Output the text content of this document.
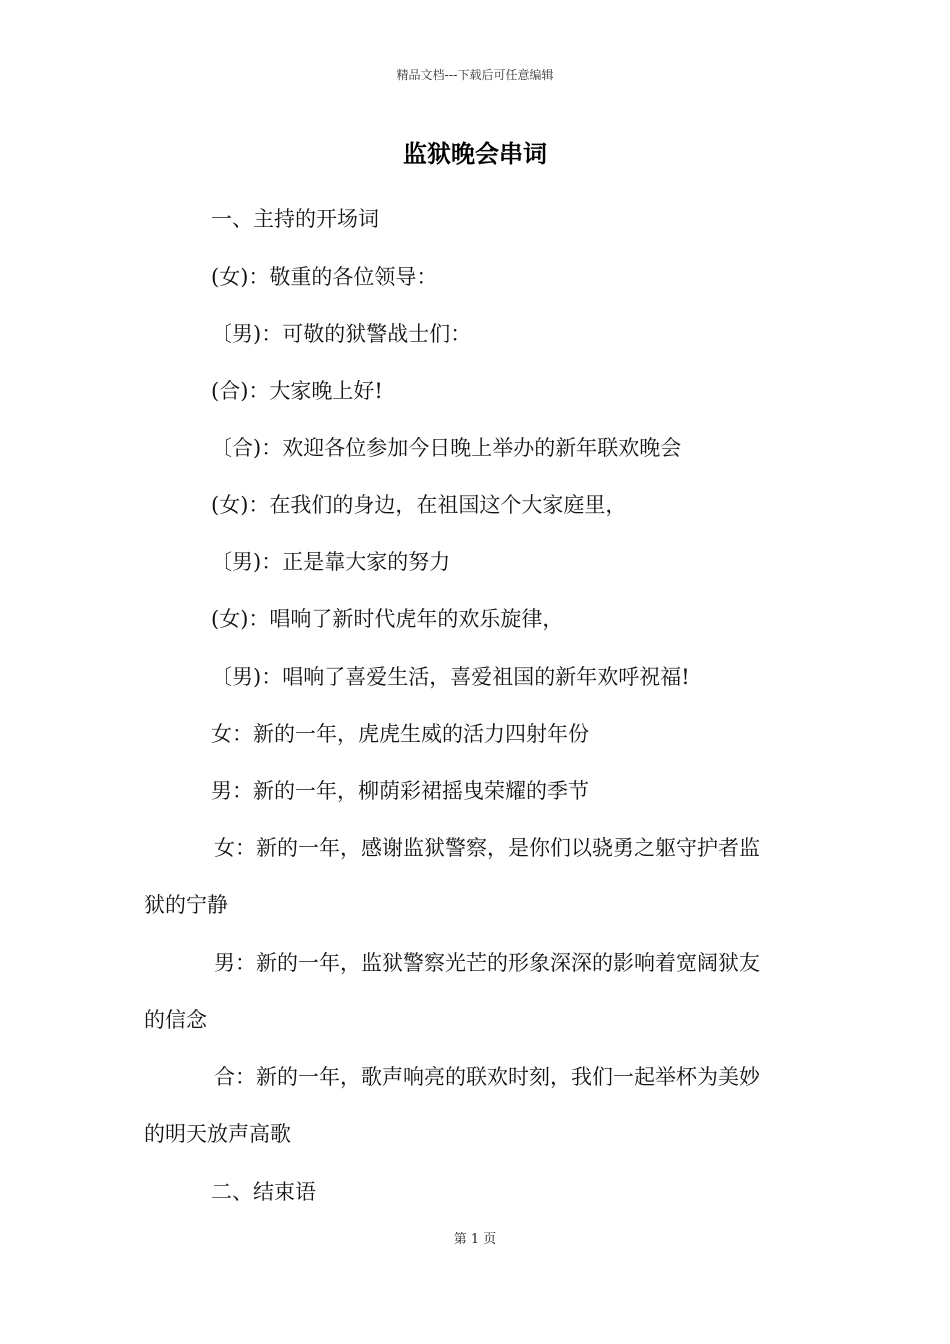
精品文档---下载后可任意编辑
监狱晚会串词
一、主持的开场词
(女)：敬重的各位领导：
〔男)：可敬的狱警战士们：
(合)：大家晚上好!
〔合)：欢迎各位参加今日晚上举办的新年联欢晚会
(女)：在我们的身边，在祖国这个大家庭里，
〔男)：正是靠大家的努力
(女)：唱响了新时代虎年的欢乐旋律，
〔男)：唱响了喜爱生活，喜爱祖国的新年欢呼祝福!
女：新的一年，虎虎生威的活力四射年份
男：新的一年，柳荫彩裙摇曳荣耀的季节
女：新的一年，感谢监狱警察，是你们以骁勇之躯守护者监
狱的宁静
男：新的一年，监狱警察光芒的形象深深的影响着宽阔狱友
的信念
合：新的一年，歌声响亮的联欢时刻，我们一起举杯为美妙
的明天放声高歌
二、结束语
第 1 页
